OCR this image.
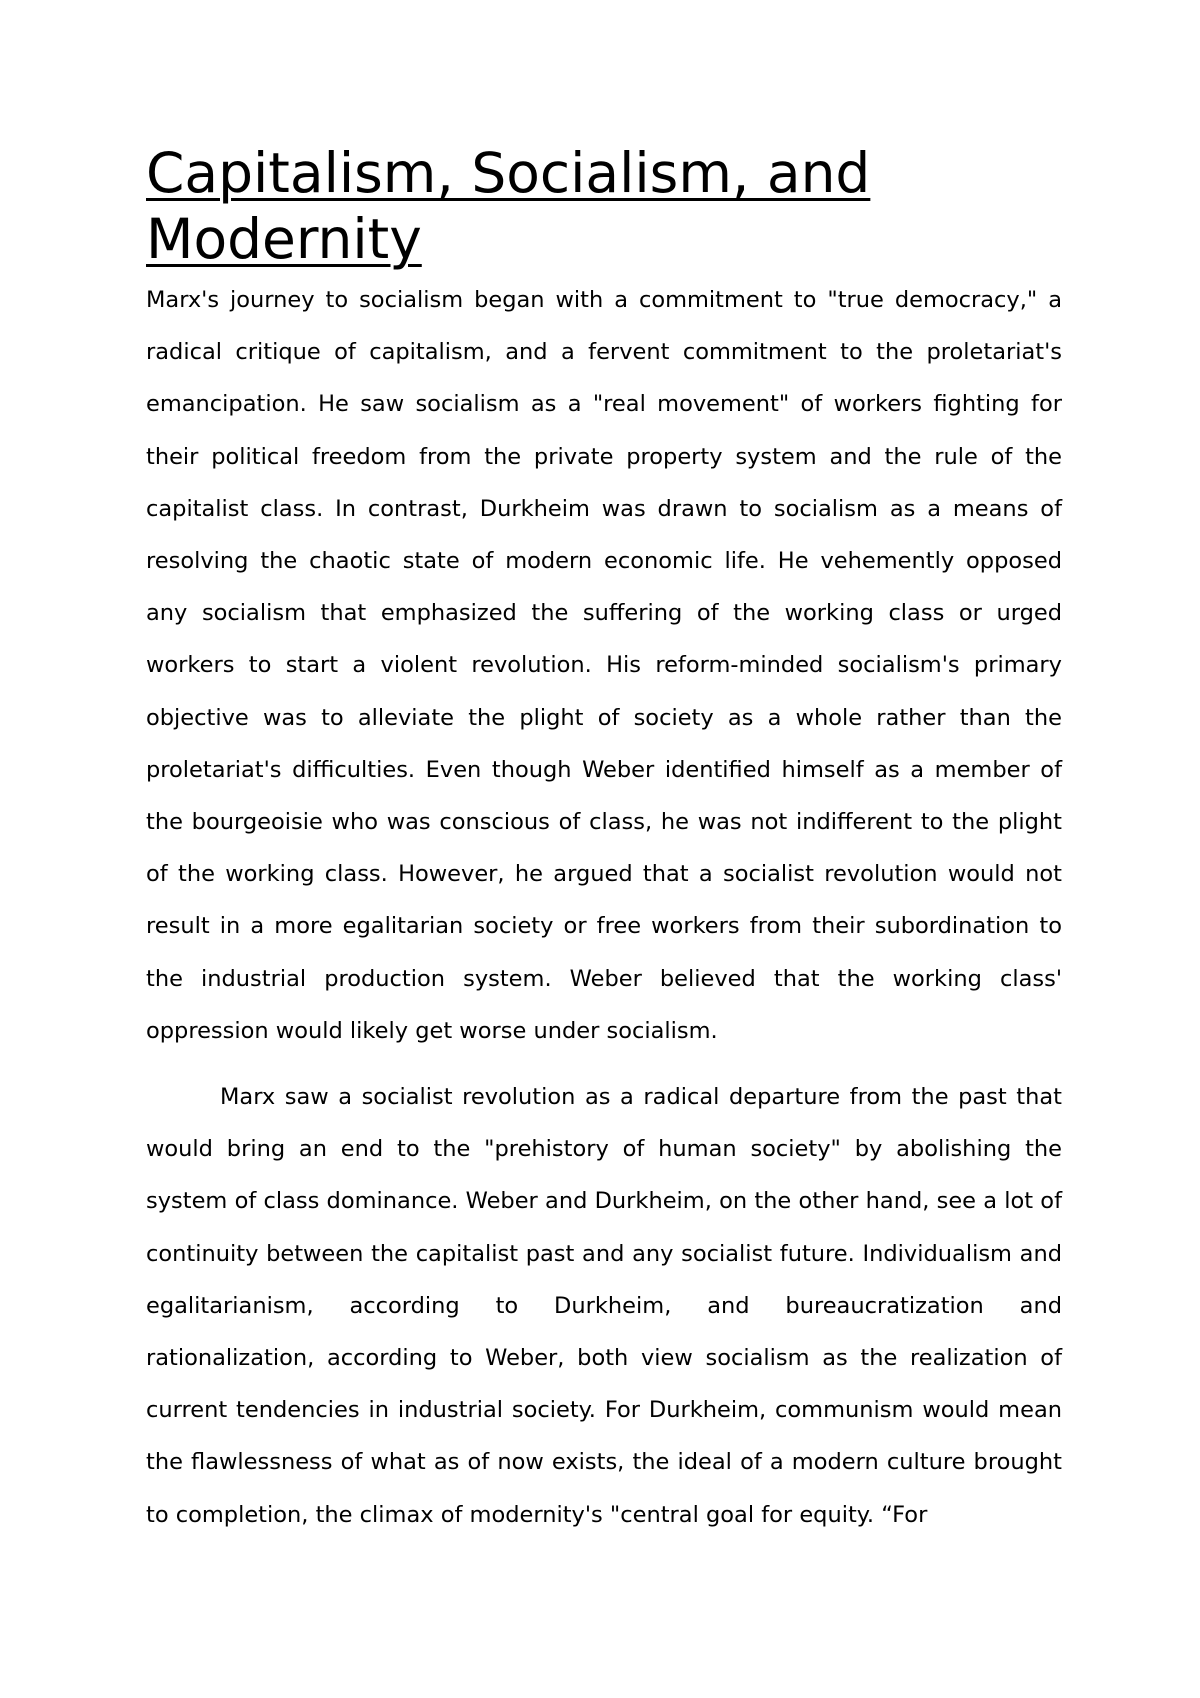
Capitalism, Socialism, and Modernity

Marx's journey to socialism began with a commitment to "true democracy," a radical critique of capitalism, and a fervent commitment to the proletariat's emancipation. He saw socialism as a "real movement" of workers fighting for their political freedom from the private property system and the rule of the capitalist class. In contrast, Durkheim was drawn to socialism as a means of resolving the chaotic state of modern economic life. He vehemently opposed any socialism that emphasized the suffering of the working class or urged workers to start a violent revolution. His reform-minded socialism's primary objective was to alleviate the plight of society as a whole rather than the proletariat's difficulties. Even though Weber identified himself as a member of the bourgeoisie who was conscious of class, he was not indifferent to the plight of the working class. However, he argued that a socialist revolution would not result in a more egalitarian society or free workers from their subordination to the industrial production system. Weber believed that the working class' oppression would likely get worse under socialism.

Marx saw a socialist revolution as a radical departure from the past that would bring an end to the "prehistory of human society" by abolishing the system of class dominance. Weber and Durkheim, on the other hand, see a lot of continuity between the capitalist past and any socialist future. Individualism and egalitarianism, according to Durkheim, and bureaucratization and rationalization, according to Weber, both view socialism as the realization of current tendencies in industrial society. For Durkheim, communism would mean the flawlessness of what as of now exists, the ideal of a modern culture brought to completion, the climax of modernity's "central goal for equity. “For
